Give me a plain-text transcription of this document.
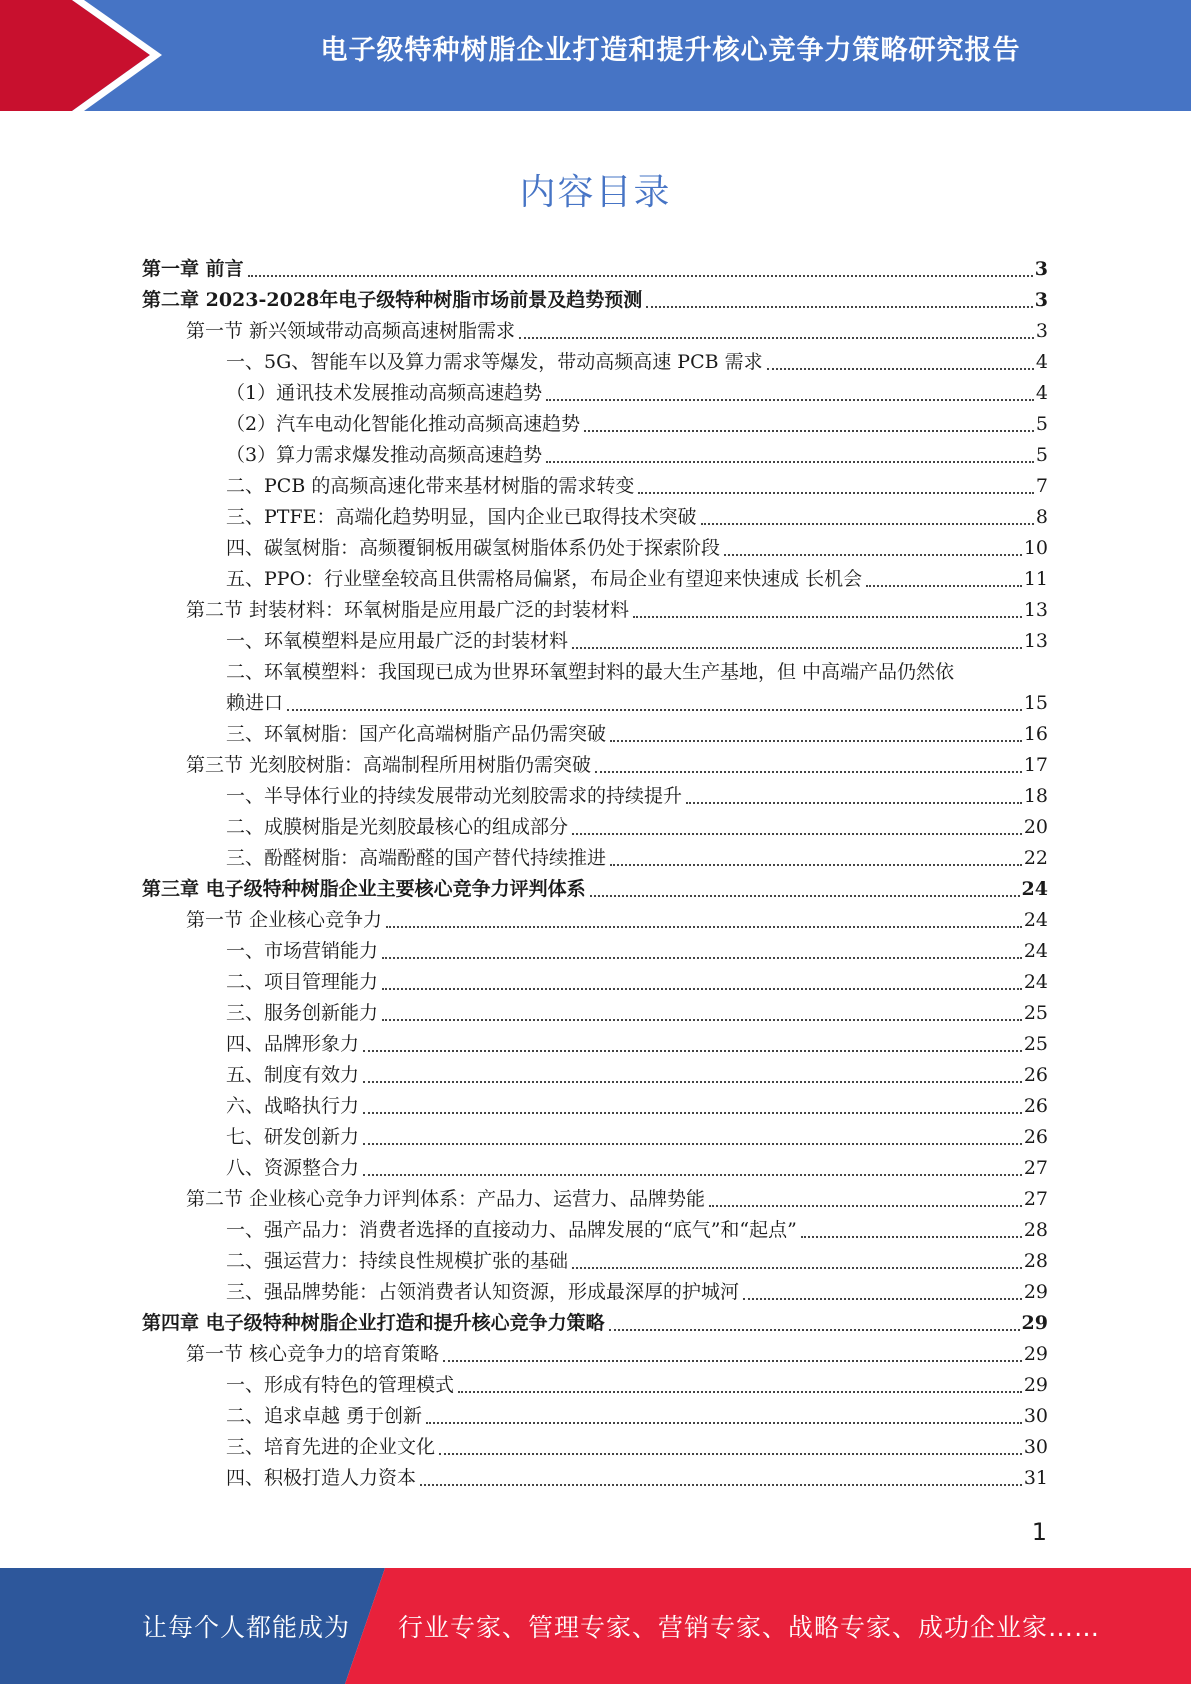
电子级特种树脂企业打造和提升核心竞争力策略研究报告
内容目录
第一章 前言	3
第二章 2023-2028年电子级特种树脂市场前景及趋势预测	3
第一节 新兴领域带动高频高速树脂需求	3
一、5G、智能车以及算力需求等爆发，带动高频高速 PCB 需求	4
（1）通讯技术发展推动高频高速趋势	4
（2）汽车电动化智能化推动高频高速趋势	5
（3）算力需求爆发推动高频高速趋势	5
二、PCB 的高频高速化带来基材树脂的需求转变	7
三、PTFE：高端化趋势明显，国内企业已取得技术突破	8
四、碳氢树脂：高频覆铜板用碳氢树脂体系仍处于探索阶段	10
五、PPO：行业壁垒较高且供需格局偏紧，布局企业有望迎来快速成 长机会	11
第二节 封装材料：环氧树脂是应用最广泛的封装材料	13
一、环氧模塑料是应用最广泛的封装材料	13
二、环氧模塑料：我国现已成为世界环氧塑封料的最大生产基地，但 中高端产品仍然依
赖进口	15
三、环氧树脂：国产化高端树脂产品仍需突破	16
第三节 光刻胶树脂：高端制程所用树脂仍需突破	17
一、半导体行业的持续发展带动光刻胶需求的持续提升	18
二、成膜树脂是光刻胶最核心的组成部分	20
三、酚醛树脂：高端酚醛的国产替代持续推进	22
第三章 电子级特种树脂企业主要核心竞争力评判体系	24
第一节 企业核心竞争力	24
一、市场营销能力	24
二、项目管理能力	24
三、服务创新能力	25
四、品牌形象力	25
五、制度有效力	26
六、战略执行力	26
七、研发创新力	26
八、资源整合力	27
第二节 企业核心竞争力评判体系：产品力、运营力、品牌势能	27
一、强产品力：消费者选择的直接动力、品牌发展的“底气”和“起点”	28
二、强运营力：持续良性规模扩张的基础	28
三、强品牌势能：占领消费者认知资源，形成最深厚的护城河	29
第四章 电子级特种树脂企业打造和提升核心竞争力策略	29
第一节 核心竞争力的培育策略	29
一、形成有特色的管理模式	29
二、追求卓越 勇于创新	30
三、培育先进的企业文化	30
四、积极打造人力资本	31
1
让每个人都能成为 行业专家、管理专家、营销专家、战略专家、成功企业家……
